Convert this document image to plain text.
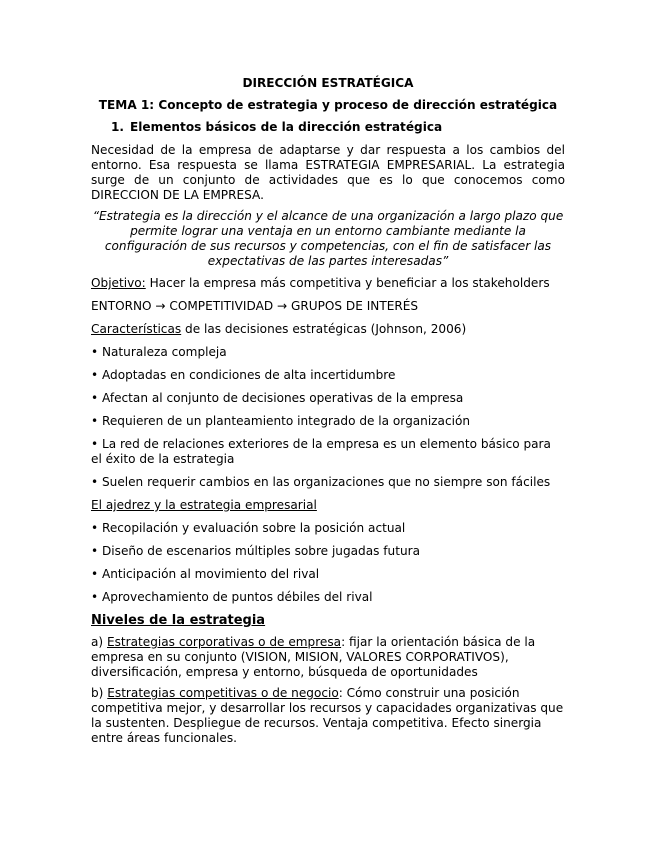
DIRECCIÓN ESTRATÉGICA
TEMA 1: Concepto de estrategia y proceso de dirección estratégica
1. Elementos básicos de la dirección estratégica

Necesidad de la empresa de adaptarse y dar respuesta a los cambios del entorno. Esa respuesta se llama ESTRATEGIA EMPRESARIAL. La estrategia surge de un conjunto de actividades que es lo que conocemos como DIRECCION DE LA EMPRESA.

“Estrategia es la dirección y el alcance de una organización a largo plazo que permite lograr una ventaja en un entorno cambiante mediante la configuración de sus recursos y competencias, con el fin de satisfacer las expectativas de las partes interesadas”

Objetivo: Hacer la empresa más competitiva y beneficiar a los stakeholders

ENTORNO → COMPETITIVIDAD → GRUPOS DE INTERÉS

Características de las decisiones estratégicas (Johnson, 2006)

• Naturaleza compleja

• Adoptadas en condiciones de alta incertidumbre

• Afectan al conjunto de decisiones operativas de la empresa

• Requieren de un planteamiento integrado de la organización

• La red de relaciones exteriores de la empresa es un elemento básico para el éxito de la estrategia

• Suelen requerir cambios en las organizaciones que no siempre son fáciles

El ajedrez y la estrategia empresarial

• Recopilación y evaluación sobre la posición actual

• Diseño de escenarios múltiples sobre jugadas futura

• Anticipación al movimiento del rival

• Aprovechamiento de puntos débiles del rival

Niveles de la estrategia

a) Estrategias corporativas o de empresa: fijar la orientación básica de la empresa en su conjunto (VISION, MISION, VALORES CORPORATIVOS), diversificación, empresa y entorno, búsqueda de oportunidades

b) Estrategias competitivas o de negocio: Cómo construir una posición competitiva mejor, y desarrollar los recursos y capacidades organizativas que la sustenten. Despliegue de recursos. Ventaja competitiva. Efecto sinergia entre áreas funcionales.
